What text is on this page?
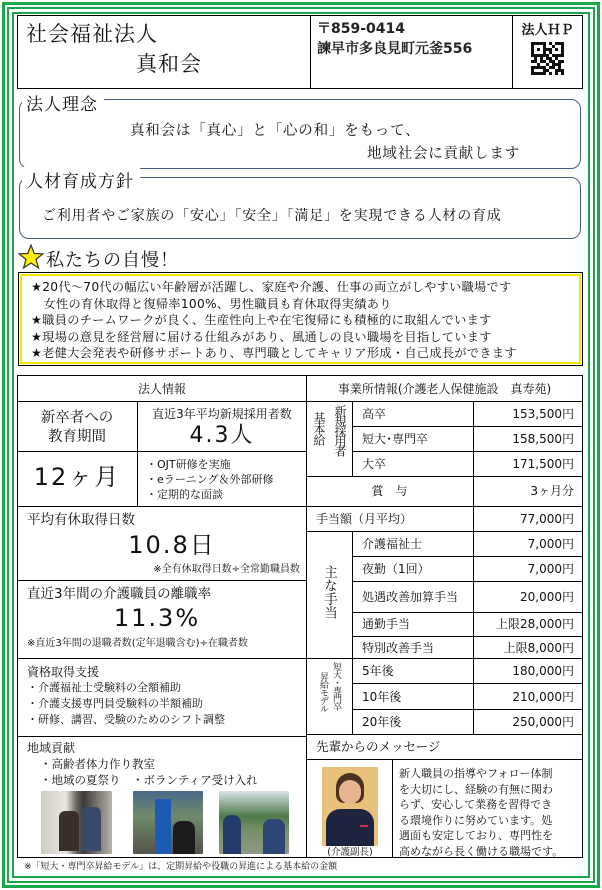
社会福祉法人
真和会
〒859-0414
諫早市多良見町元釜556
法人ＨＰ
法人理念
真和会は「真心」と「心の和」をもって、
地域社会に貢献します
人材育成方針
ご利用者やご家族の「安心」「安全」「満足」を実現できる人材の育成
私たちの自慢！
★20代～70代の幅広い年齢層が活躍し、家庭や介護、仕事の両立がしやすい職場です
　女性の育休取得と復帰率100%、男性職員も育休取得実績あり
★職員のチームワークが良く、生産性向上や在宅復帰にも積極的に取組んでいます
★現場の意見を経営層に届ける仕組みがあり、風通しの良い職場を目指しています
★老健大会発表や研修サポートあり、専門職としてキャリア形成・自己成長ができます
法人情報
新卒者への
教育期間
直近3年平均新規採用者数
4.3人
12ヶ月	・OJT研修を実施
・eラーニング＆外部研修
・定期的な面談
平均有休取得日数
10.8日
※全有休取得日数÷全常勤職員数
直近3年間の介護職員の離職率
11.3%
※直近3年間の退職者数(定年退職含む)÷在職者数
資格取得支援
・介護福祉士受験料の全額補助
・介護支援専門員受験料の半額補助
・研修、講習、受験のためのシフト調整
地域貢献
・高齢者体力作り教室
・地域の夏祭り　・ボランティア受け入れ
事業所情報(介護老人保健施設　真寿苑)
基本給 新規採用者 高卒	153,500円
短大･専門卒	158,500円
大卒	171,500円
賞　与	3ヶ月分
手当額（月平均）	77,000円
主な手当
介護福祉士	7,000円
夜勤（1回）	7,000円
処遇改善加算手当	20,000円
通勤手当	上限28,000円
特別改善手当	上限8,000円
短大・専門卒
昇給モデル
5年後	180,000円
10年後	210,000円
20年後	250,000円
先輩からのメッセージ
(介護副長)
新人職員の指導やフォロー体制
を大切にし、経験の有無に関わ
らず、安心して業務を習得でき
る環境作りに努めています。処
遇面も安定しており、専門性を
高めながら長く働ける職場です。
※「短大・専門卒昇給モデル」は、定期昇給や役職の昇進による基本給の金額
